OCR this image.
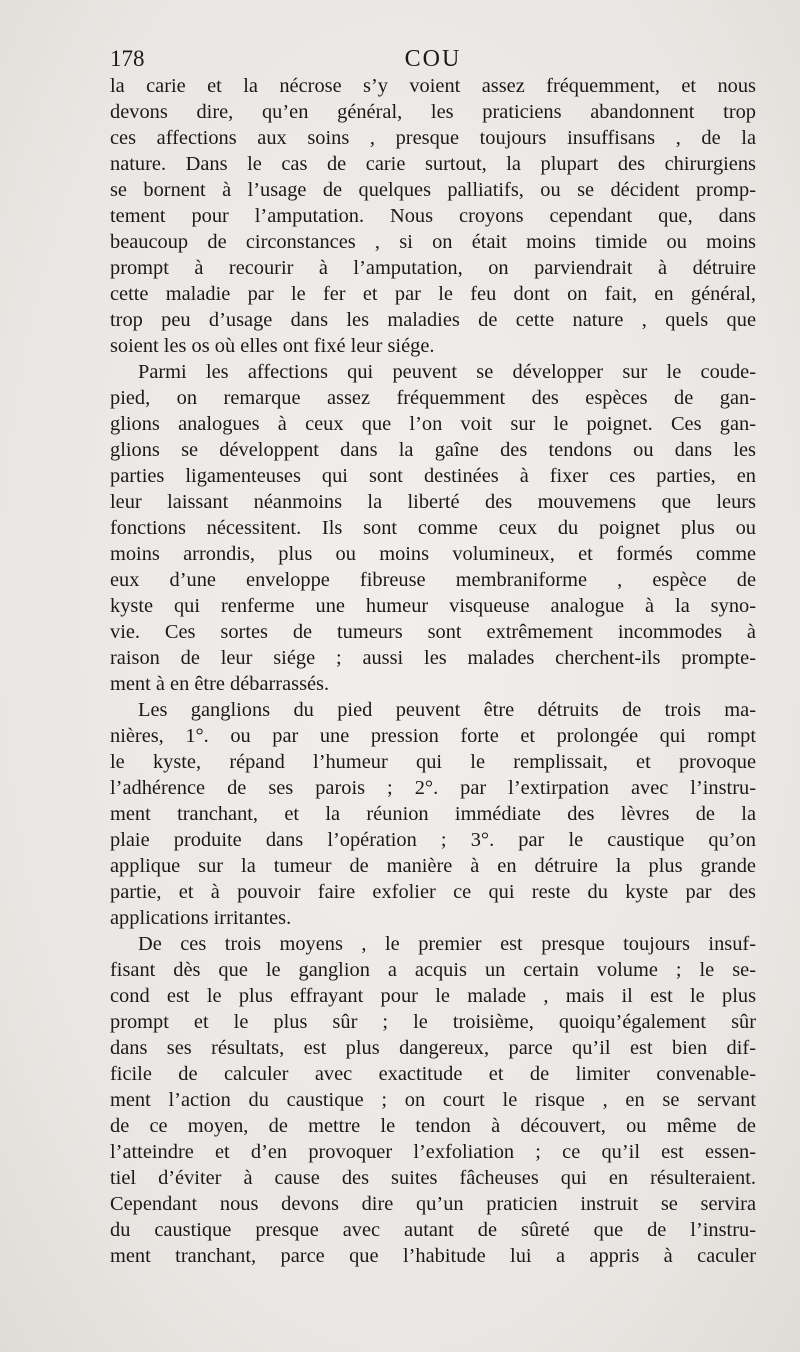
178	COU
la carie et la nécrose s’y voient assez fréquemment, et nous
devons dire, qu’en général, les praticiens abandonnent trop
ces affections aux soins , presque toujours insuffisans , de la
nature. Dans le cas de carie surtout, la plupart des chirurgiens
se bornent à l’usage de quelques palliatifs, ou se décident promp-
tement pour l’amputation. Nous croyons cependant que, dans
beaucoup de circonstances , si on était moins timide ou moins
prompt à recourir à l’amputation, on parviendrait à détruire
cette maladie par le fer et par le feu dont on fait, en général,
trop peu d’usage dans les maladies de cette nature , quels que
soient les os où elles ont fixé leur siége.
Parmi les affections qui peuvent se développer sur le coude-
pied, on remarque assez fréquemment des espèces de gan-
glions analogues à ceux que l’on voit sur le poignet. Ces gan-
glions se développent dans la gaîne des tendons ou dans les
parties ligamenteuses qui sont destinées à fixer ces parties, en
leur laissant néanmoins la liberté des mouvemens que leurs
fonctions nécessitent. Ils sont comme ceux du poignet plus ou
moins arrondis, plus ou moins volumineux, et formés comme
eux d’une enveloppe fibreuse membraniforme , espèce de
kyste qui renferme une humeur visqueuse analogue à la syno-
vie. Ces sortes de tumeurs sont extrêmement incommodes à
raison de leur siége ; aussi les malades cherchent-ils prompte-
ment à en être débarrassés.
Les ganglions du pied peuvent être détruits de trois ma-
nières, 1°. ou par une pression forte et prolongée qui rompt
le kyste, répand l’humeur qui le remplissait, et provoque
l’adhérence de ses parois ; 2°. par l’extirpation avec l’instru-
ment tranchant, et la réunion immédiate des lèvres de la
plaie produite dans l’opération ; 3°. par le caustique qu’on
applique sur la tumeur de manière à en détruire la plus grande
partie, et à pouvoir faire exfolier ce qui reste du kyste par des
applications irritantes.
De ces trois moyens , le premier est presque toujours insuf-
fisant dès que le ganglion a acquis un certain volume ; le se-
cond est le plus effrayant pour le malade , mais il est le plus
prompt et le plus sûr ; le troisième, quoiqu’également sûr
dans ses résultats, est plus dangereux, parce qu’il est bien dif-
ficile de calculer avec exactitude et de limiter convenable-
ment l’action du caustique ; on court le risque , en se servant
de ce moyen, de mettre le tendon à découvert, ou même de
l’atteindre et d’en provoquer l’exfoliation ; ce qu’il est essen-
tiel d’éviter à cause des suites fâcheuses qui en résulteraient.
Cependant nous devons dire qu’un praticien instruit se servira
du caustique presque avec autant de sûreté que de l’instru-
ment tranchant, parce que l’habitude lui a appris à caculer
